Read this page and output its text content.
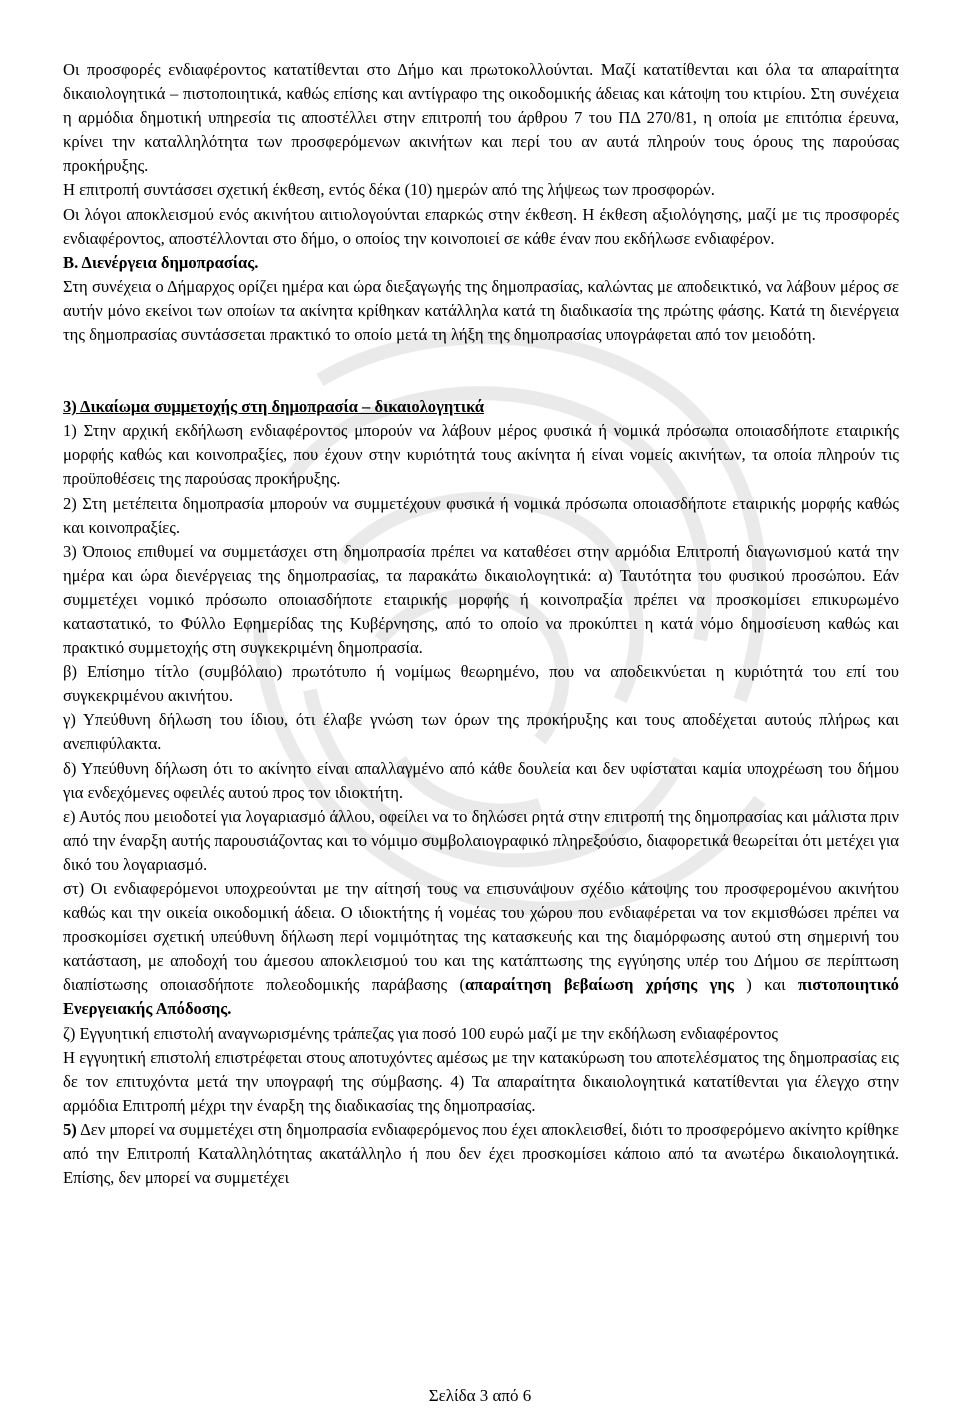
Οι προσφορές ενδιαφέροντος κατατίθενται στο Δήμο και πρωτοκολλούνται. Μαζί κατατίθενται και όλα τα απαραίτητα δικαιολογητικά – πιστοποιητικά, καθώς επίσης και αντίγραφο της οικοδομικής άδειας και κάτοψη του κτιρίου. Στη συνέχεια η αρμόδια δημοτική υπηρεσία τις αποστέλλει στην επιτροπή του άρθρου 7 του ΠΔ 270/81, η οποία με επιτόπια έρευνα, κρίνει την καταλληλότητα των προσφερόμενων ακινήτων και περί του αν αυτά πληρούν τους όρους της παρούσας προκήρυξης.

Η επιτροπή συντάσσει σχετική έκθεση, εντός δέκα (10) ημερών από της λήψεως των προσφορών.

Οι λόγοι αποκλεισμού ενός ακινήτου αιτιολογούνται επαρκώς στην έκθεση. Η έκθεση αξιολόγησης, μαζί με τις προσφορές ενδιαφέροντος, αποστέλλονται στο δήμο, ο οποίος την κοινοποιεί σε κάθε έναν που εκδήλωσε ενδιαφέρον.

Β. Διενέργεια δημοπρασίας.

Στη συνέχεια ο Δήμαρχος ορίζει ημέρα και ώρα διεξαγωγής της δημοπρασίας, καλώντας με αποδεικτικό, να λάβουν μέρος σε αυτήν μόνο εκείνοι των οποίων τα ακίνητα κρίθηκαν κατάλληλα κατά τη διαδικασία της πρώτης φάσης. Κατά τη διενέργεια της δημοπρασίας συντάσσεται πρακτικό το οποίο μετά τη λήξη της δημοπρασίας υπογράφεται από τον μειοδότη.

3) Δικαίωμα συμμετοχής στη δημοπρασία – δικαιολογητικά

1) Στην αρχική εκδήλωση ενδιαφέροντος μπορούν να λάβουν μέρος φυσικά ή νομικά πρόσωπα οποιασδήποτε εταιρικής μορφής καθώς και κοινοπραξίες, που έχουν στην κυριότητά τους ακίνητα ή είναι νομείς ακινήτων, τα οποία πληρούν τις προϋποθέσεις της παρούσας προκήρυξης.

2) Στη μετέπειτα δημοπρασία μπορούν να συμμετέχουν φυσικά ή νομικά πρόσωπα οποιασδήποτε εταιρικής μορφής καθώς και κοινοπραξίες.

3) Όποιος επιθυμεί να συμμετάσχει στη δημοπρασία πρέπει να καταθέσει στην αρμόδια Επιτροπή διαγωνισμού κατά την ημέρα και ώρα διενέργειας της δημοπρασίας, τα παρακάτω δικαιολογητικά: α) Ταυτότητα του φυσικού προσώπου. Εάν συμμετέχει νομικό πρόσωπο οποιασδήποτε εταιρικής μορφής ή κοινοπραξία πρέπει να προσκομίσει επικυρωμένο καταστατικό, το Φύλλο Εφημερίδας της Κυβέρνησης, από το οποίο να προκύπτει η κατά νόμο δημοσίευση καθώς και πρακτικό συμμετοχής στη συγκεκριμένη δημοπρασία.

β) Επίσημο τίτλο (συμβόλαιο) πρωτότυπο ή νομίμως θεωρημένο, που να αποδεικνύεται η κυριότητά του επί του συγκεκριμένου ακινήτου.

γ) Υπεύθυνη δήλωση του ίδιου, ότι έλαβε γνώση των όρων της προκήρυξης και τους αποδέχεται αυτούς πλήρως και ανεπιφύλακτα.

δ) Υπεύθυνη δήλωση ότι το ακίνητο είναι απαλλαγμένο από κάθε δουλεία και δεν υφίσταται καμία υποχρέωση του δήμου για ενδεχόμενες οφειλές αυτού προς τον ιδιοκτήτη.

ε) Αυτός που μειοδοτεί για λογαριασμό άλλου, οφείλει να το δηλώσει ρητά στην επιτροπή της δημοπρασίας και μάλιστα πριν από την έναρξη αυτής παρουσιάζοντας και το νόμιμο συμβολαιογραφικό πληρεξούσιο, διαφορετικά θεωρείται ότι μετέχει για δικό του λογαριασμό.

στ) Οι ενδιαφερόμενοι υποχρεούνται με την αίτησή τους να επισυνάψουν σχέδιο κάτοψης του προσφερομένου ακινήτου καθώς και την οικεία οικοδομική άδεια. Ο ιδιοκτήτης ή νομέας του χώρου που ενδιαφέρεται να τον εκμισθώσει πρέπει να προσκομίσει σχετική υπεύθυνη δήλωση περί νομιμότητας της κατασκευής και της διαμόρφωσης αυτού στη σημερινή του κατάσταση, με αποδοχή του άμεσου αποκλεισμού του και της κατάπτωσης της εγγύησης υπέρ του Δήμου σε περίπτωση διαπίστωσης οποιασδήποτε πολεοδομικής παράβασης (απαραίτηση βεβαίωση χρήσης γης ) και πιστοποιητικό Ενεργειακής Απόδοσης.

ζ) Εγγυητική επιστολή αναγνωρισμένης τράπεζας για ποσό 100 ευρώ μαζί με την εκδήλωση ενδιαφέροντος

Η εγγυητική επιστολή επιστρέφεται στους αποτυχόντες αμέσως με την κατακύρωση του αποτελέσματος της δημοπρασίας εις δε τον επιτυχόντα μετά την υπογραφή της σύμβασης. 4) Τα απαραίτητα δικαιολογητικά κατατίθενται για έλεγχο στην αρμόδια Επιτροπή μέχρι την έναρξη της διαδικασίας της δημοπρασίας.

5) Δεν μπορεί να συμμετέχει στη δημοπρασία ενδιαφερόμενος που έχει αποκλεισθεί, διότι το προσφερόμενο ακίνητο κρίθηκε από την Επιτροπή Καταλληλότητας ακατάλληλο ή που δεν έχει προσκομίσει κάποιο από τα ανωτέρω δικαιολογητικά. Επίσης, δεν μπορεί να συμμετέχει

Σελίδα 3 από 6
